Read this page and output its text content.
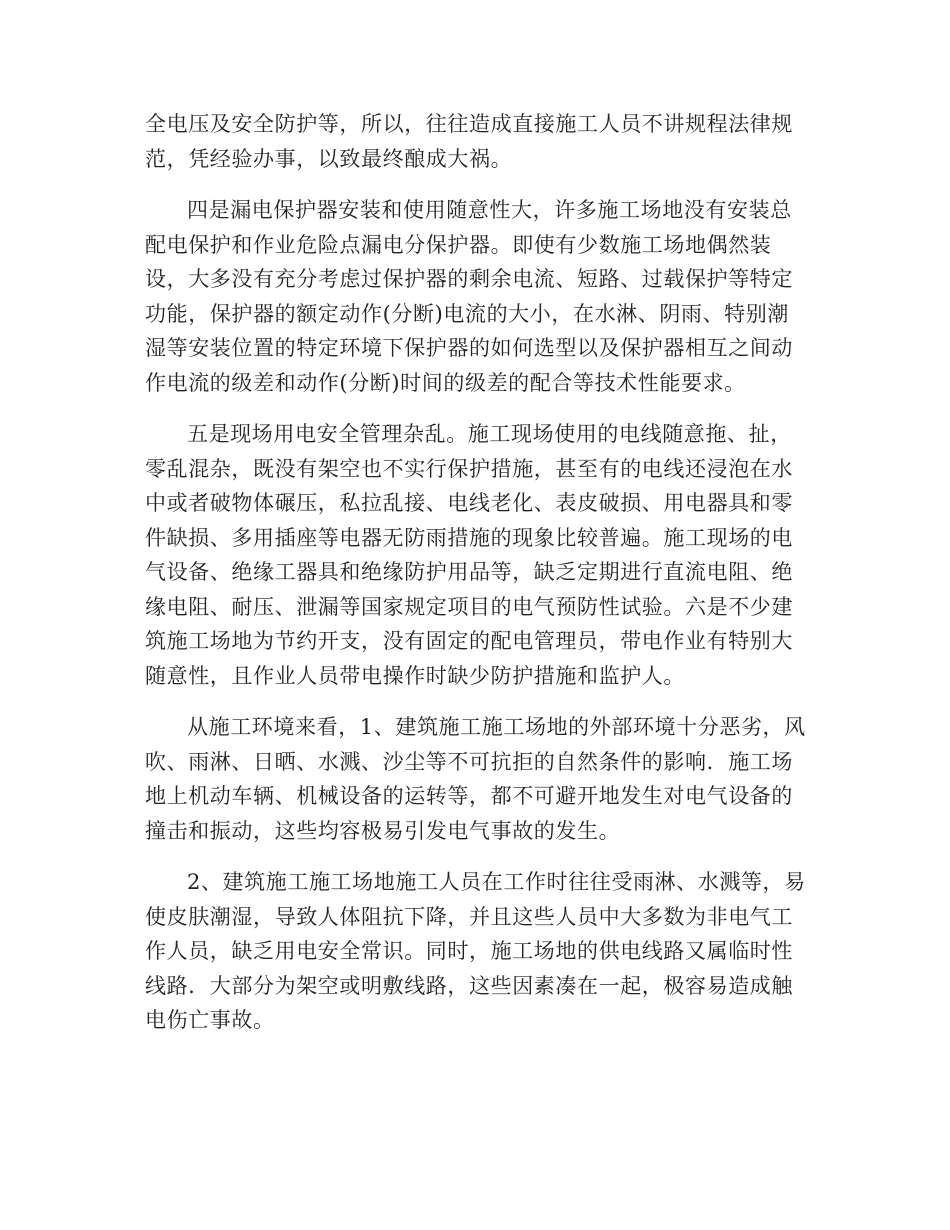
全电压及安全防护等，所以，往往造成直接施工人员不讲规程法律规
范，凭经验办事，以致最终酿成大祸。
四是漏电保护器安装和使用随意性大，许多施工场地没有安装总
配电保护和作业危险点漏电分保护器。即使有少数施工场地偶然装
设，大多没有充分考虑过保护器的剩余电流、短路、过载保护等特定
功能，保护器的额定动作(分断)电流的大小，在水淋、阴雨、特别潮
湿等安装位置的特定环境下保护器的如何选型以及保护器相互之间动
作电流的级差和动作(分断)时间的级差的配合等技术性能要求。
五是现场用电安全管理杂乱。施工现场使用的电线随意拖、扯，
零乱混杂，既没有架空也不实行保护措施，甚至有的电线还浸泡在水
中或者破物体碾压，私拉乱接、电线老化、表皮破损、用电器具和零
件缺损、多用插座等电器无防雨措施的现象比较普遍。施工现场的电
气设备、绝缘工器具和绝缘防护用品等，缺乏定期进行直流电阻、绝
缘电阻、耐压、泄漏等国家规定项目的电气预防性试验。六是不少建
筑施工场地为节约开支，没有固定的配电管理员，带电作业有特别大
随意性，且作业人员带电操作时缺少防护措施和监护人。
从施工环境来看，1、建筑施工施工场地的外部环境十分恶劣，风
吹、雨淋、日晒、水溅、沙尘等不可抗拒的自然条件的影响．施工场
地上机动车辆、机械设备的运转等，都不可避开地发生对电气设备的
撞击和振动，这些均容极易引发电气事故的发生。
2、建筑施工施工场地施工人员在工作时往往受雨淋、水溅等，易
使皮肤潮湿，导致人体阻抗下降，并且这些人员中大多数为非电气工
作人员，缺乏用电安全常识。同时，施工场地的供电线路又属临时性
线路．大部分为架空或明敷线路，这些因素凑在一起，极容易造成触
电伤亡事故。
